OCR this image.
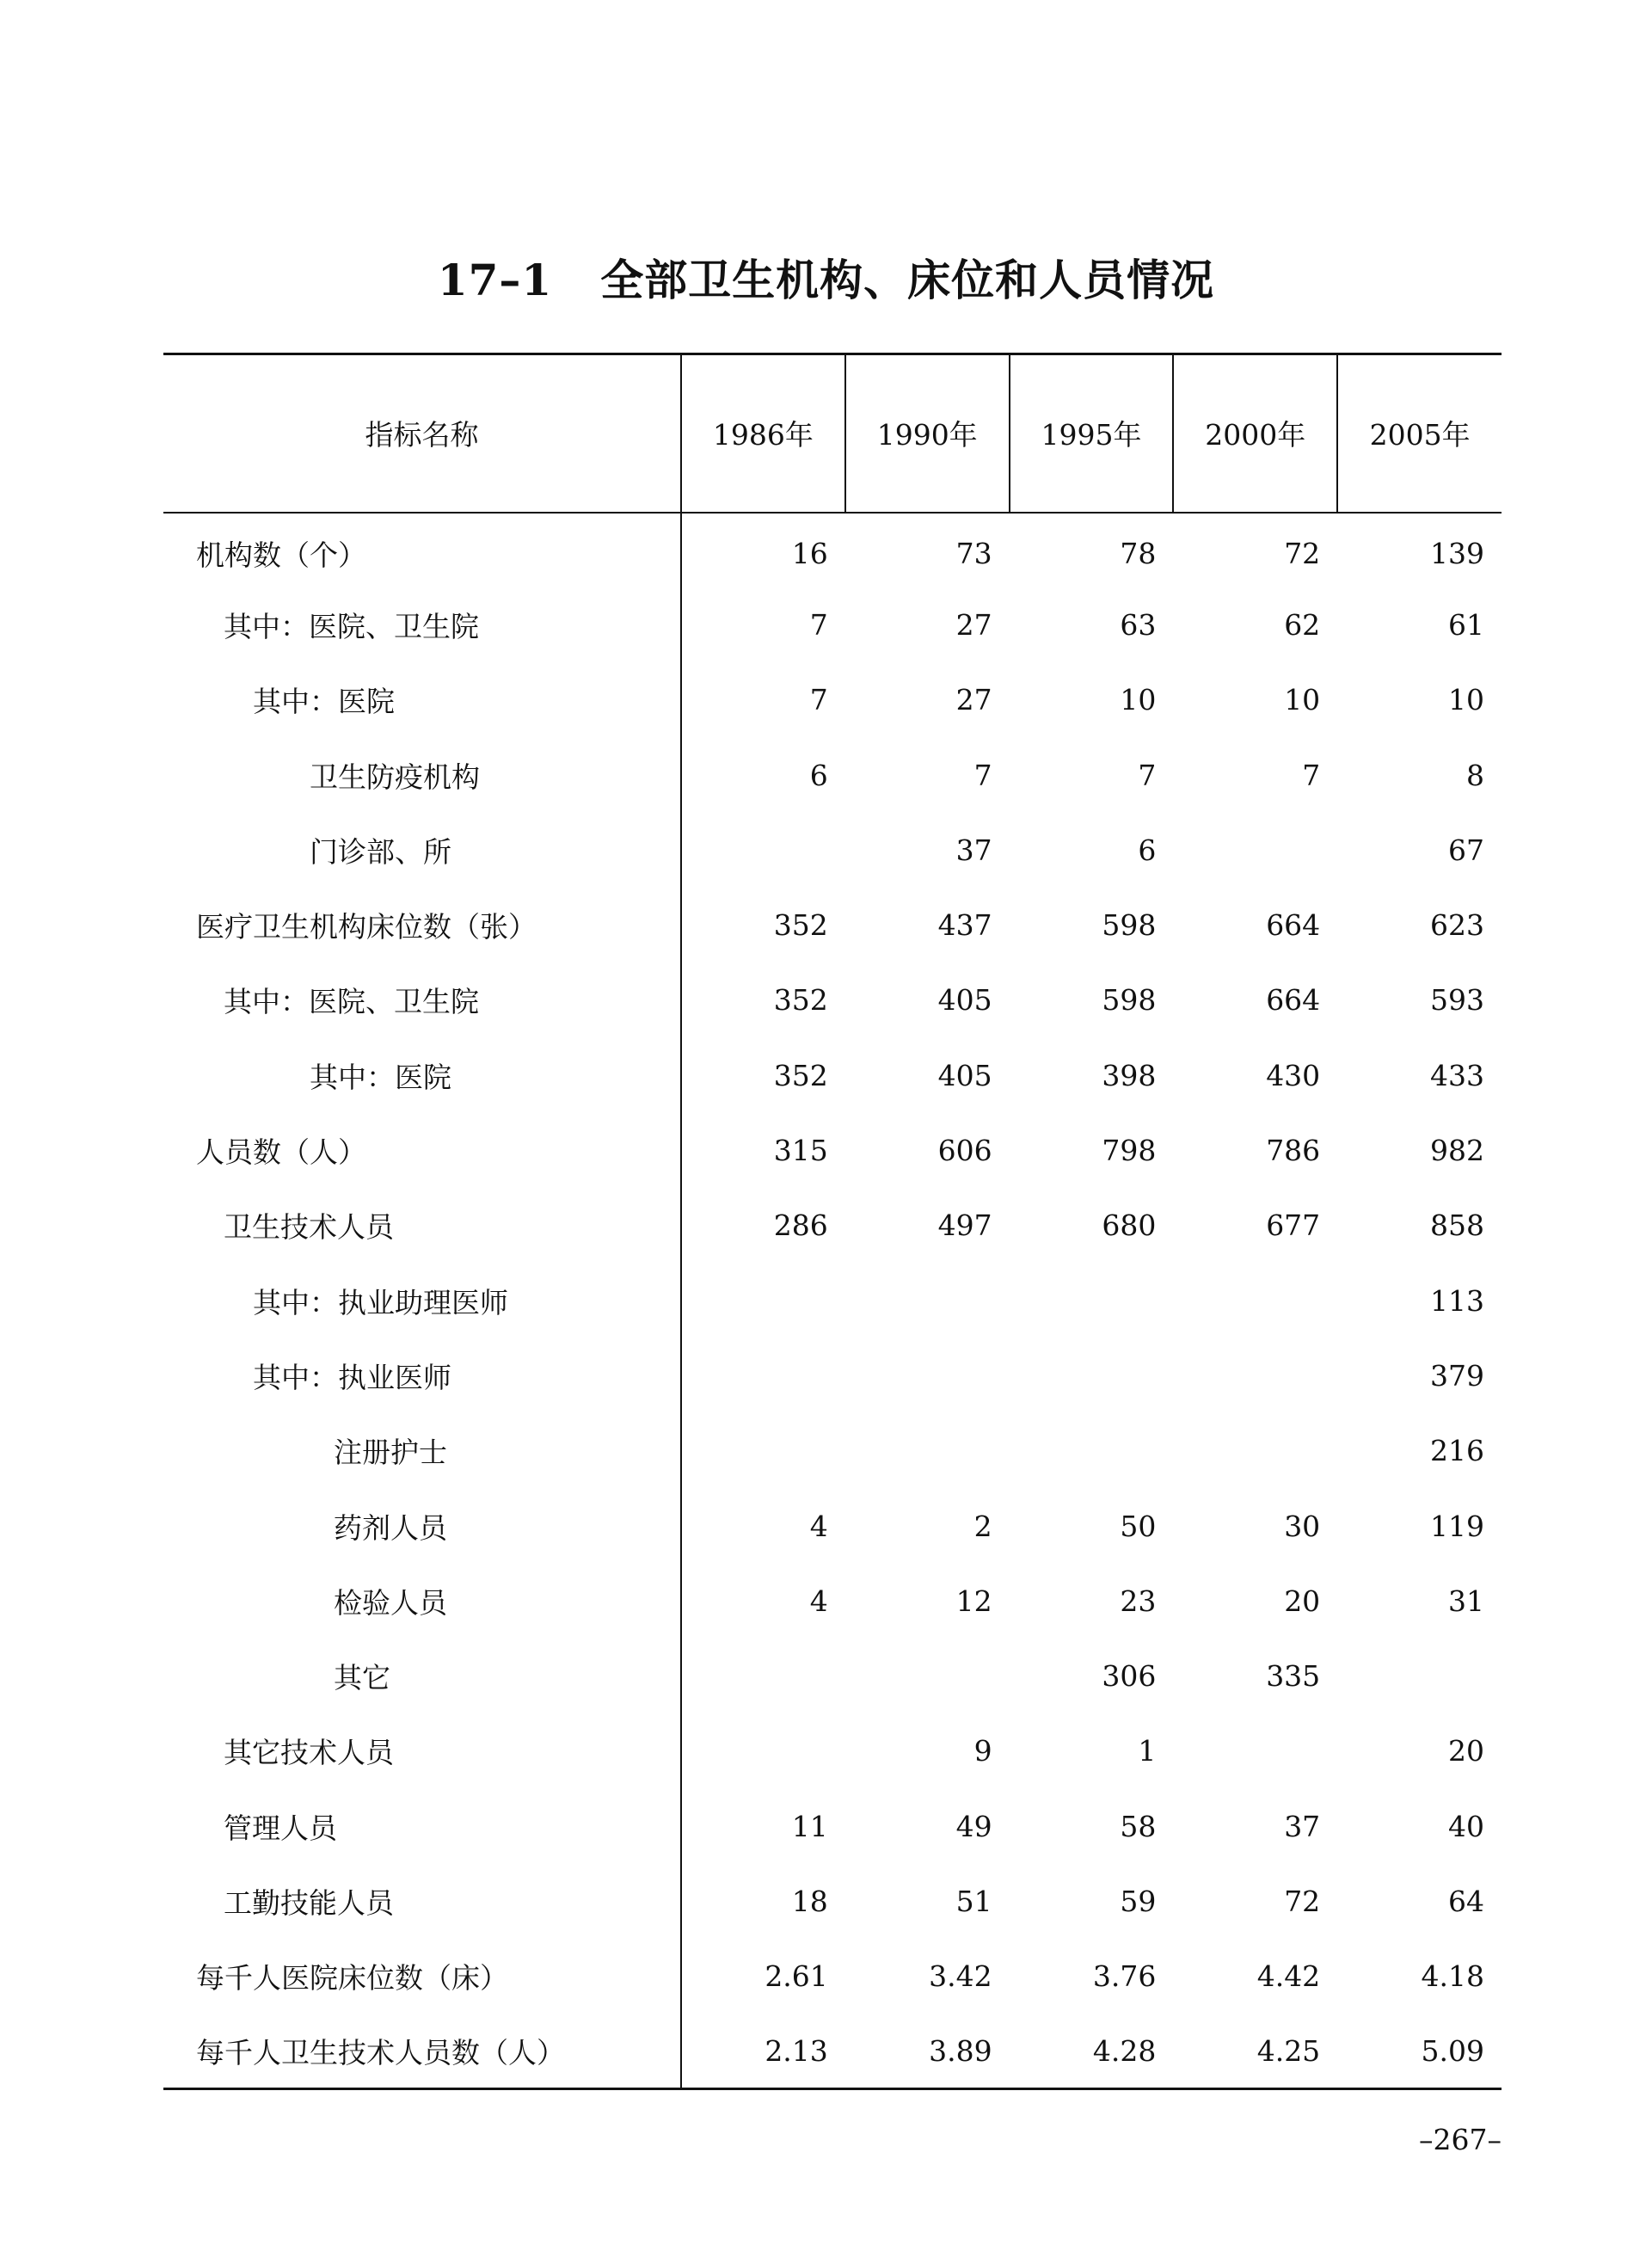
17–1 全部卫生机构、床位和人员情况
指标名称	1986年	1990年	1995年	2000年	2005年
机构数（个）	16	73	78	72	139
其中：医院、卫生院	7	27	63	62	61
其中：医院	7	27	10	10	10
卫生防疫机构	6	7	7	7	8
门诊部、所		37	6		67
医疗卫生机构床位数（张）	352	437	598	664	623
其中：医院、卫生院	352	405	598	664	593
其中：医院	352	405	398	430	433
人员数（人）	315	606	798	786	982
卫生技术人员	286	497	680	677	858
其中：执业助理医师					113
其中：执业医师					379
注册护士					216
药剂人员	4	2	50	30	119
检验人员	4	12	23	20	31
其它			306	335	
其它技术人员		9	1		20
管理人员	11	49	58	37	40
工勤技能人员	18	51	59	72	64
每千人医院床位数（床）	2.61	3.42	3.76	4.42	4.18
每千人卫生技术人员数（人）	2.13	3.89	4.28	4.25	5.09
–267–
